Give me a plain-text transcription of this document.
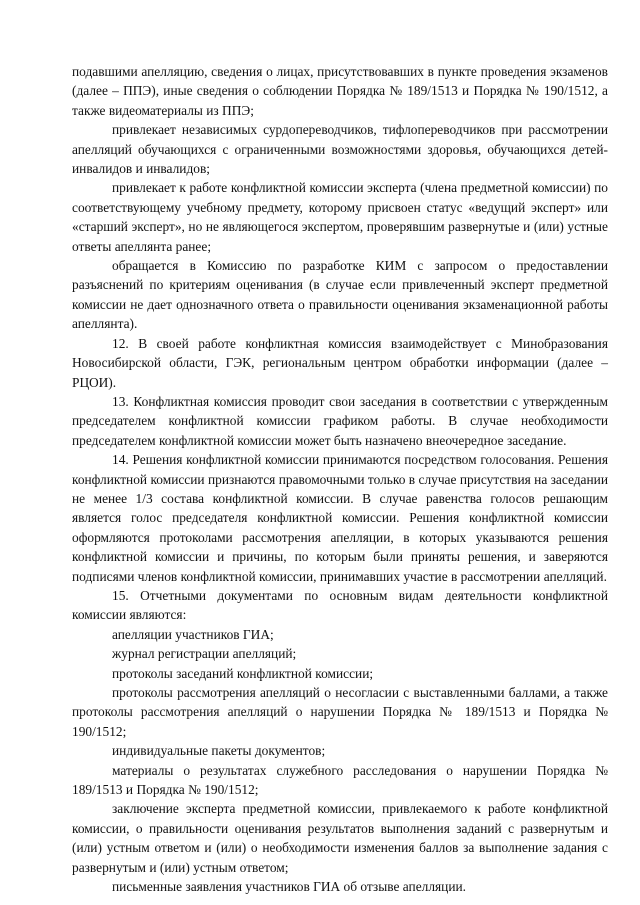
подавшими апелляцию, сведения о лицах, присутствовавших в пункте проведения экзаменов (далее – ППЭ), иные сведения о соблюдении Порядка № 189/1513 и Порядка № 190/1512, а также видеоматериалы из ППЭ;

привлекает независимых сурдопереводчиков, тифлопереводчиков при рассмотрении апелляций обучающихся с ограниченными возможностями здоровья, обучающихся детей-инвалидов и инвалидов;

привлекает к работе конфликтной комиссии эксперта (члена предметной комиссии) по соответствующему учебному предмету, которому присвоен статус «ведущий эксперт» или «старший эксперт», но не являющегося экспертом, проверявшим развернутые и (или) устные ответы апеллянта ранее;

обращается в Комиссию по разработке КИМ с запросом о предоставлении разъяснений по критериям оценивания (в случае если привлеченный эксперт предметной комиссии не дает однозначного ответа о правильности оценивания экзаменационной работы апеллянта).

12. В своей работе конфликтная комиссия взаимодействует с Минобразования Новосибирской области, ГЭК, региональным центром обработки информации (далее – РЦОИ).

13. Конфликтная комиссия проводит свои заседания в соответствии с утвержденным председателем конфликтной комиссии графиком работы. В случае необходимости председателем конфликтной комиссии может быть назначено внеочередное заседание.

14. Решения конфликтной комиссии принимаются посредством голосования. Решения конфликтной комиссии признаются правомочными только в случае присутствия на заседании не менее 1/3 состава конфликтной комиссии. В случае равенства голосов решающим является голос председателя конфликтной комиссии. Решения конфликтной комиссии оформляются протоколами рассмотрения апелляции, в которых указываются решения конфликтной комиссии и причины, по которым были приняты решения, и заверяются подписями членов конфликтной комиссии, принимавших участие в рассмотрении апелляций.

15. Отчетными документами по основным видам деятельности конфликтной комиссии являются:

апелляции участников ГИА;

журнал регистрации апелляций;

протоколы заседаний конфликтной комиссии;

протоколы рассмотрения апелляций о несогласии с выставленными баллами, а также протоколы рассмотрения апелляций о нарушении Порядка № 189/1513 и Порядка № 190/1512;

индивидуальные пакеты документов;

материалы о результатах служебного расследования о нарушении Порядка № 189/1513 и Порядка № 190/1512;

заключение эксперта предметной комиссии, привлекаемого к работе конфликтной комиссии, о правильности оценивания результатов выполнения заданий с развернутым и (или) устным ответом и (или) о необходимости изменения баллов за выполнение задания с развернутым и (или) устным ответом;

письменные заявления участников ГИА об отзыве апелляции.
